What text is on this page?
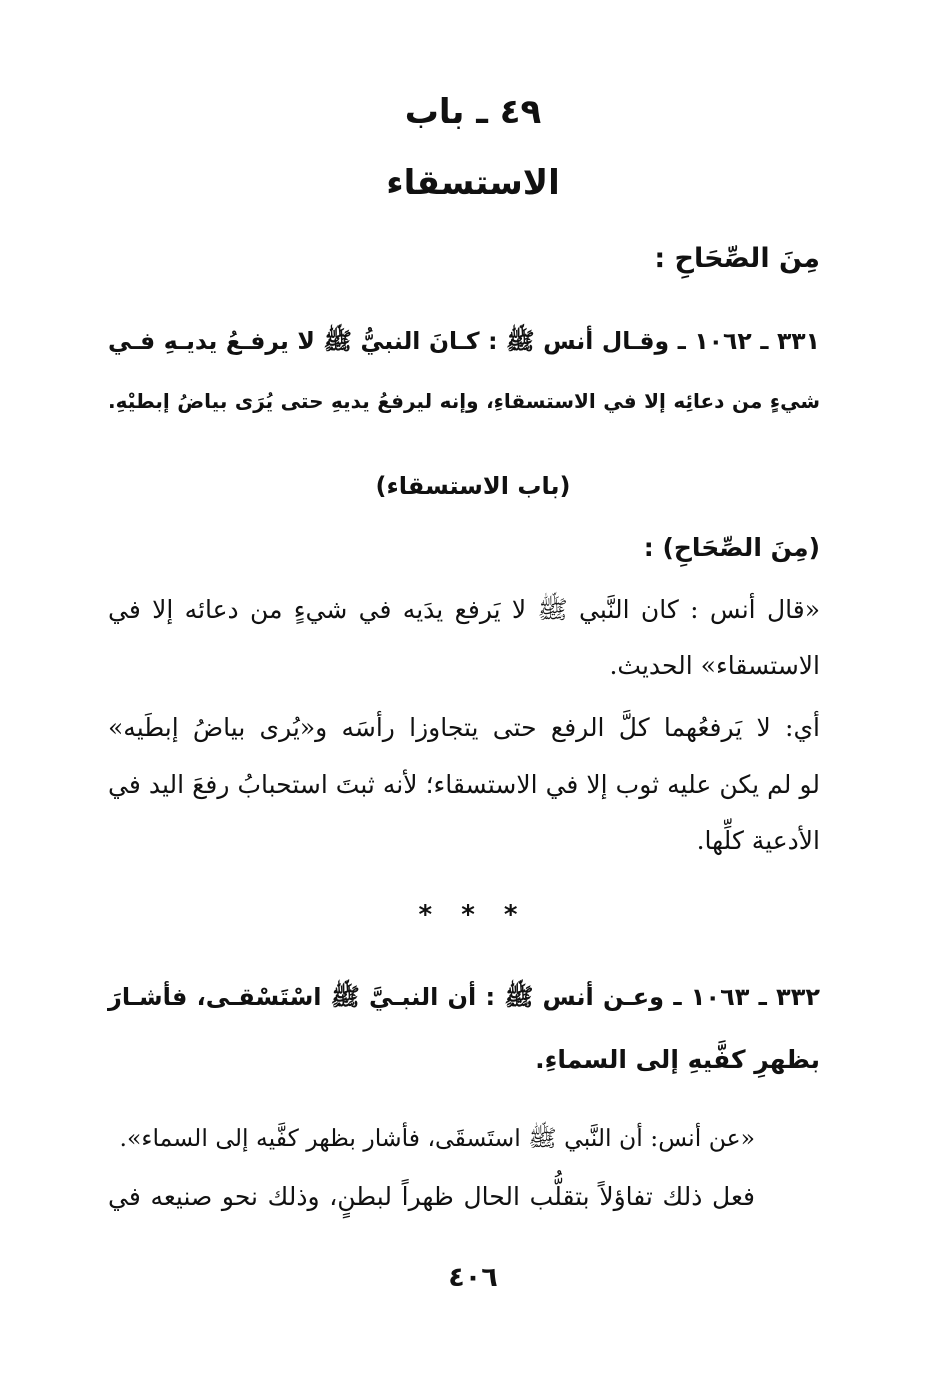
٤٩ ـ باب
الاستسقاء
مِنَ الصِّحَاحِ :
٣٣١ ـ ١٠٦٢ ـ وقـال أنس ﷺ : كـانَ النبيُّ ﷺ لا يرفـعُ يديـهِ فـي
شيءٍ من دعائِه إلا في الاستسقاءِ، وإنه ليرفعُ يديهِ حتى يُرَى بياضُ إبطيْهِ.
(باب الاستسقاء)
(مِنَ الصِّحَاحِ) :
«قال أنس : كان النَّبي ﷺ لا يَرفع يدَيه في شيءٍ من دعائه إلا في
الاستسقاء» الحديث.
أي: لا يَرفعُهما كلَّ الرفع حتى يتجاوزا رأسَه و«يُرى بياضُ إبطَيه»
لو لم يكن عليه ثوب إلا في الاستسقاء؛ لأنه ثبتَ استحبابُ رفعَ اليد في
الأدعية كلِّها.
* * *
٣٣٢ ـ ١٠٦٣ ـ وعـن أنس ﷺ : أن النبـيَّ ﷺ اسْتَسْقـى، فأشـارَ
بظهرِ كفَّيهِ إلى السماءِ.
«عن أنس: أن النَّبي ﷺ استَسقَى، فأشار بظهر كفَّيه إلى السماء».
فعل ذلك تفاؤلاً بتقلُّب الحال ظهراً لبطنٍ، وذلك نحو صنيعه في
٤٠٦
